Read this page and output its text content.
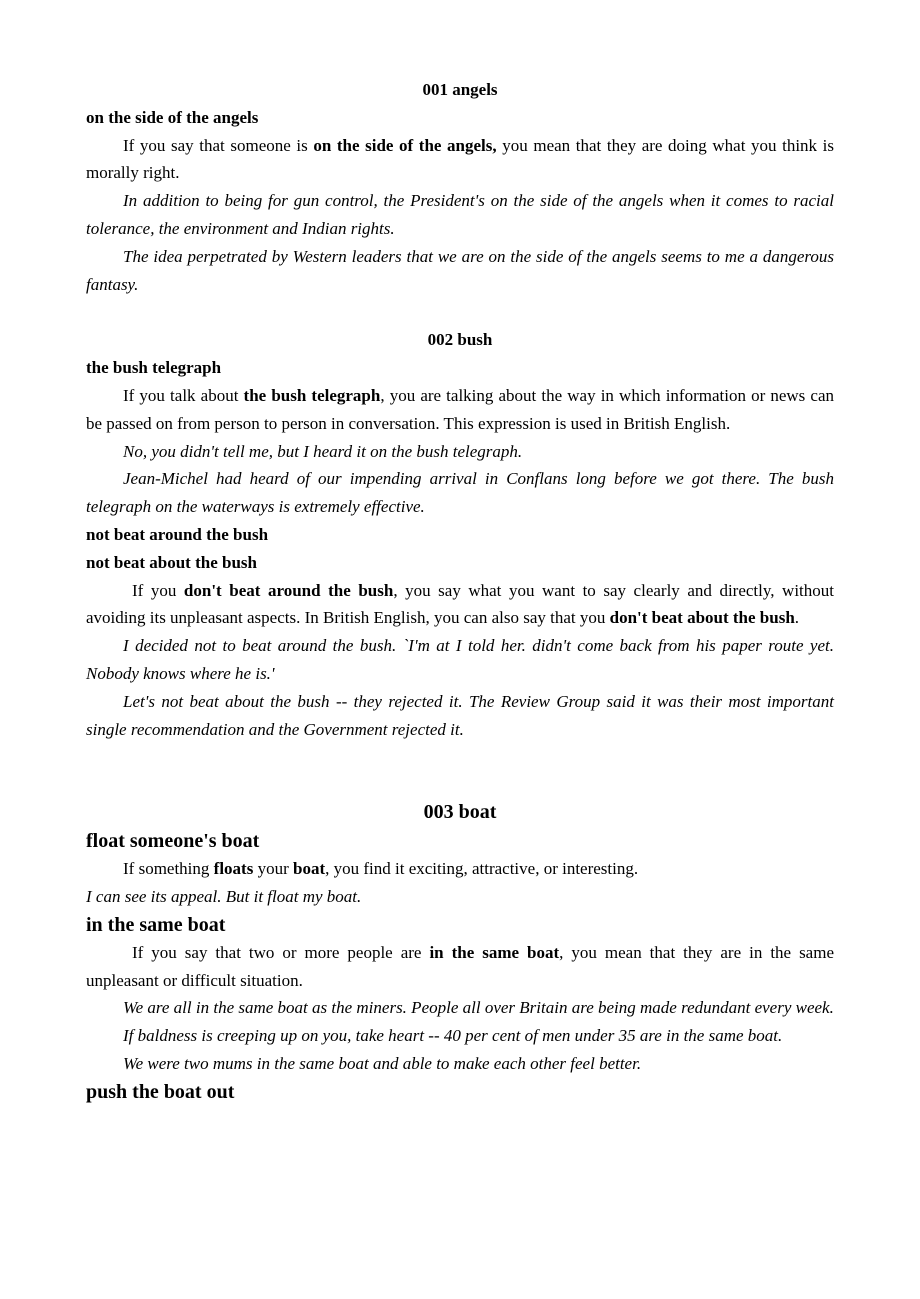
001 angels

on the side of the angels

If you say that someone is on the side of the angels, you mean that they are doing what you think is morally right.

In addition to being for gun control, the President's on the side of the angels when it comes to racial tolerance, the environment and Indian rights.

The idea perpetrated by Western leaders that we are on the side of the angels seems to me a dangerous fantasy.

002 bush

the bush telegraph

If you talk about the bush telegraph, you are talking about the way in which information or news can be passed on from person to person in conversation. This expression is used in British English.

No, you didn't tell me, but I heard it on the bush telegraph.

Jean-Michel had heard of our impending arrival in Conflans long before we got there. The bush telegraph on the waterways is extremely effective.

not beat around the bush

not beat about the bush

If you don't beat around the bush, you say what you want to say clearly and directly, without avoiding its unpleasant aspects. In British English, you can also say that you don't beat about the bush.

I decided not to beat around the bush. `I'm at I told her. didn't come back from his paper route yet. Nobody knows where he is.'

Let's not beat about the bush -- they rejected it. The Review Group said it was their most important single recommendation and the Government rejected it.

003 boat

float someone's boat

If something floats your boat, you find it exciting, attractive, or interesting.

I can see its appeal. But it float my boat.

in the same boat

If you say that two or more people are in the same boat, you mean that they are in the same unpleasant or difficult situation.

We are all in the same boat as the miners. People all over Britain are being made redundant every week.

If baldness is creeping up on you, take heart -- 40 per cent of men under 35 are in the same boat.

We were two mums in the same boat and able to make each other feel better.

push the boat out
